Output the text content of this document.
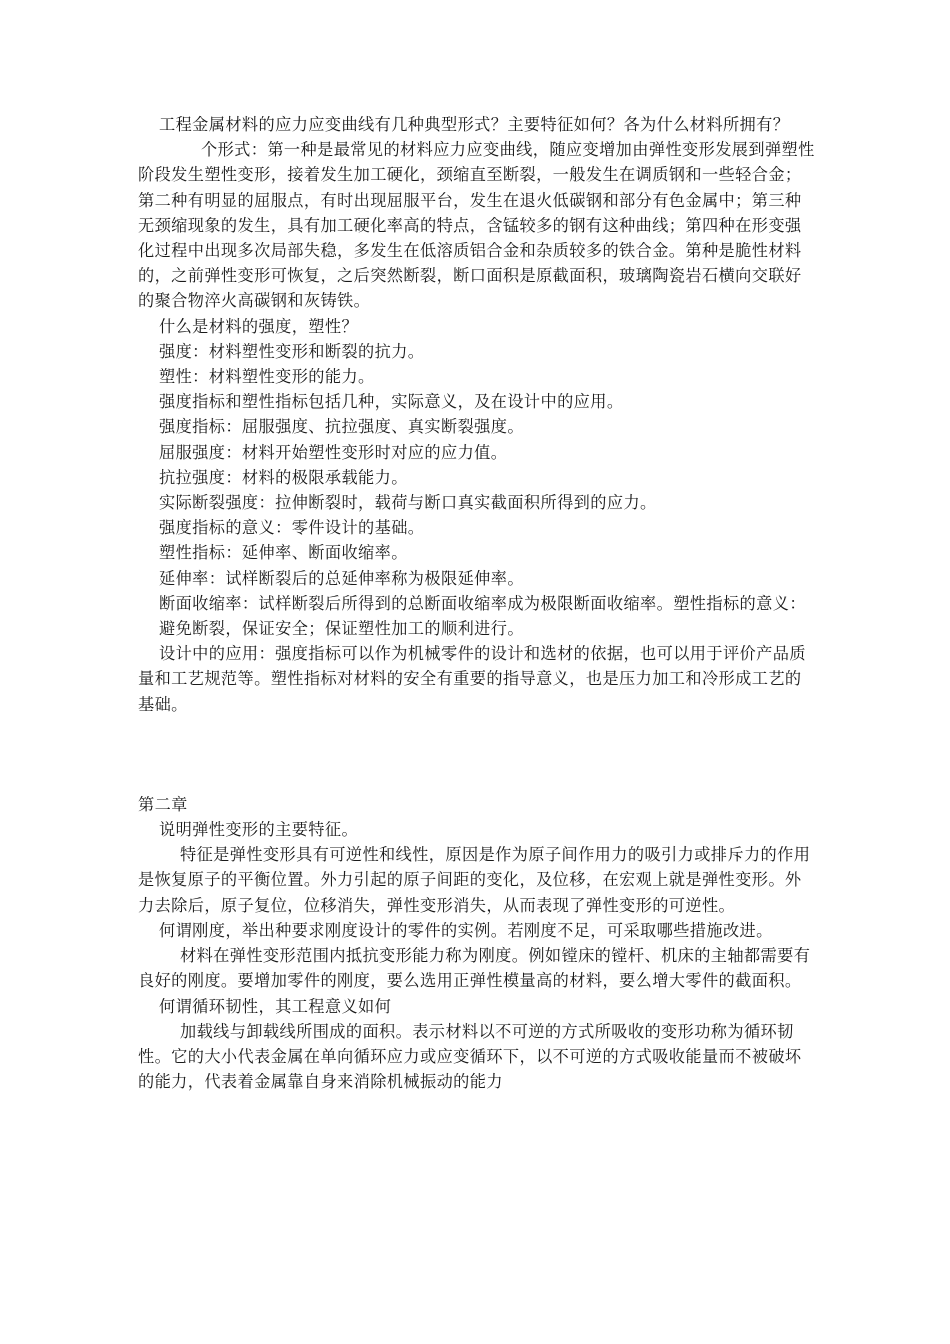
工程金属材料的应力应变曲线有几种典型形式？主要特征如何？各为什么材料所拥有？

个形式：第一种是最常见的材料应力应变曲线，随应变增加由弹性变形发展到弹塑性阶段发生塑性变形，接着发生加工硬化，颈缩直至断裂，一般发生在调质钢和一些轻合金；第二种有明显的屈服点，有时出现屈服平台，发生在退火低碳钢和部分有色金属中；第三种无颈缩现象的发生，具有加工硬化率高的特点，含锰较多的钢有这种曲线；第四种在形变强化过程中出现多次局部失稳，多发生在低溶质铝合金和杂质较多的铁合金。第种是脆性材料的，之前弹性变形可恢复，之后突然断裂，断口面积是原截面积，玻璃陶瓷岩石横向交联好的聚合物淬火高碳钢和灰铸铁。

什么是材料的强度，塑性？

强度：材料塑性变形和断裂的抗力。

塑性：材料塑性变形的能力。

强度指标和塑性指标包括几种，实际意义，及在设计中的应用。

强度指标：屈服强度、抗拉强度、真实断裂强度。

屈服强度：材料开始塑性变形时对应的应力值。

抗拉强度：材料的极限承载能力。

实际断裂强度：拉伸断裂时，载荷与断口真实截面积所得到的应力。

强度指标的意义：零件设计的基础。

塑性指标：延伸率、断面收缩率。

延伸率：试样断裂后的总延伸率称为极限延伸率。

断面收缩率：试样断裂后所得到的总断面收缩率成为极限断面收缩率。塑性指标的意义：避免断裂，保证安全；保证塑性加工的顺利进行。

设计中的应用：强度指标可以作为机械零件的设计和选材的依据，也可以用于评价产品质量和工艺规范等。塑性指标对材料的安全有重要的指导意义，也是压力加工和冷形成工艺的基础。

第二章

说明弹性变形的主要特征。

特征是弹性变形具有可逆性和线性，原因是作为原子间作用力的吸引力或排斥力的作用是恢复原子的平衡位置。外力引起的原子间距的变化，及位移，在宏观上就是弹性变形。外力去除后，原子复位，位移消失，弹性变形消失，从而表现了弹性变形的可逆性。

何谓刚度，举出种要求刚度设计的零件的实例。若刚度不足，可采取哪些措施改进。

材料在弹性变形范围内抵抗变形能力称为刚度。例如镗床的镗杆、机床的主轴都需要有良好的刚度。要增加零件的刚度，要么选用正弹性模量高的材料，要么增大零件的截面积。

何谓循环韧性，其工程意义如何

加载线与卸载线所围成的面积。表示材料以不可逆的方式所吸收的变形功称为循环韧性。它的大小代表金属在单向循环应力或应变循环下，以不可逆的方式吸收能量而不被破坏的能力，代表着金属靠自身来消除机械振动的能力
